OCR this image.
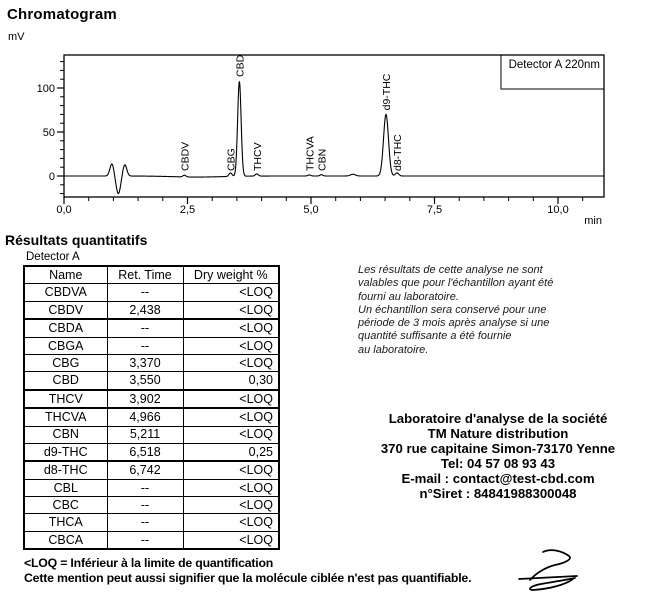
Chromatogram
mV
0,0	2,5	5,0	7,5	10,0
0
50
100
Detector A 220nm
CBDV	CBG
CBD
THCV	THCVA CBN
d9-THC
d8-THC
min
Résultats quantitatifs
Detector A
Name	Ret. Time	Dry weight %
CBDVA	--	<LOQ
CBDV	2,438	<LOQ
CBDA	--	<LOQ
CBGA	--	<LOQ
CBG	3,370	<LOQ
CBD	3,550	0,30
THCV	3,902	<LOQ
THCVA	4,966	<LOQ
CBN	5,211	<LOQ
d9-THC	6,518	0,25
d8-THC	6,742	<LOQ
CBL	--	<LOQ
CBC	--	<LOQ
THCA	--	<LOQ
CBCA	--	<LOQ
Les résultats de cette analyse ne sont
valables que pour l'échantillon ayant été
fourni au laboratoire.
Un échantillon sera conservé pour une
période de 3 mois après analyse si une
quantité suffisante a été fournie
au laboratoire.
Laboratoire d'analyse de la société
TM Nature distribution
370 rue capitaine Simon-73170 Yenne
Tel: 04 57 08 93 43
E-mail : contact@test-cbd.com
n°Siret : 84841988300048
<LOQ = Inférieur à la limite de quantification
Cette mention peut aussi signifier que la molécule ciblée n'est pas quantifiable.
